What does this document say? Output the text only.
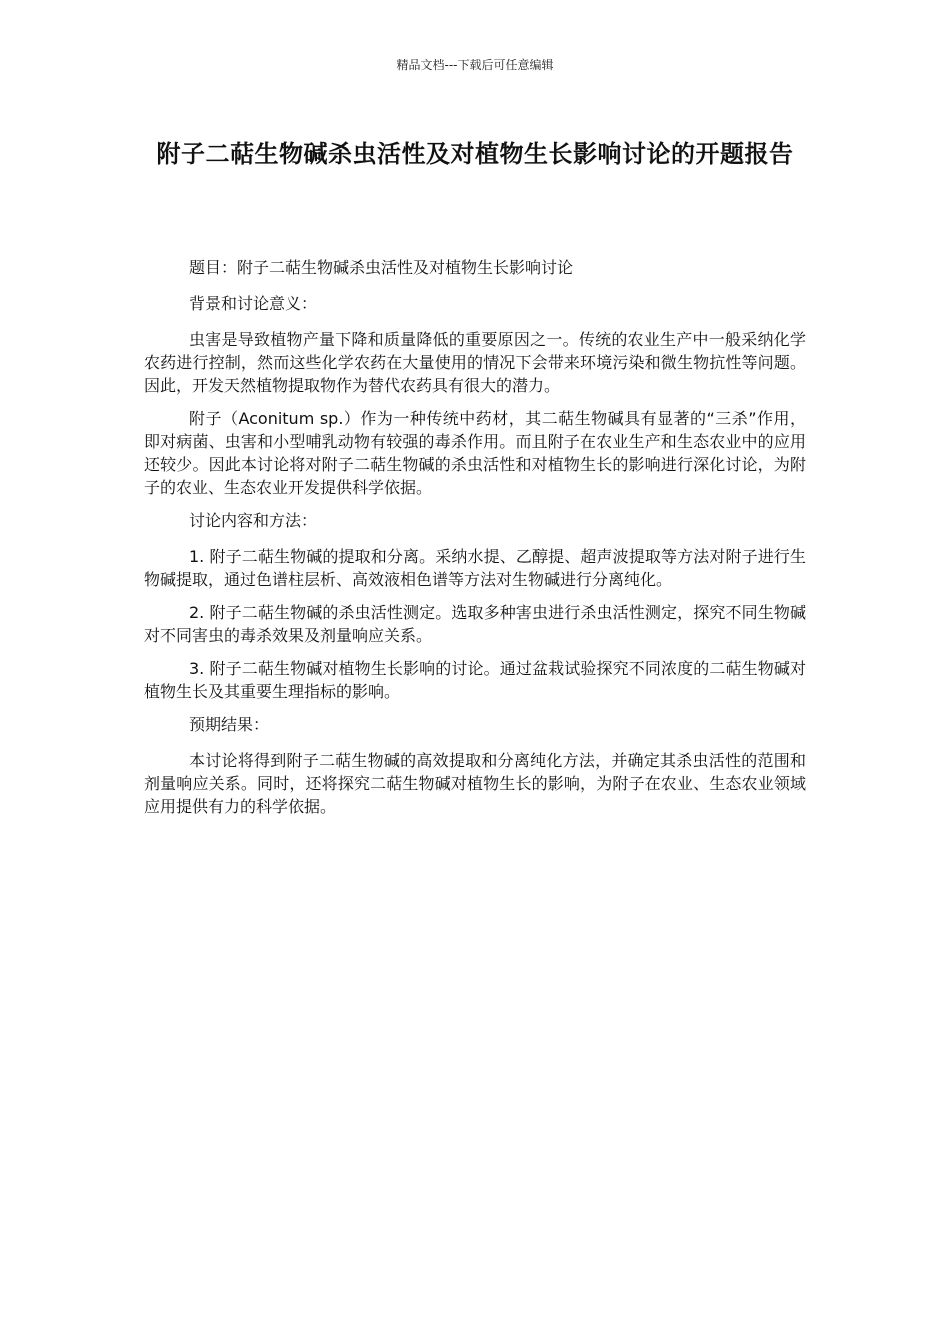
精品文档---下载后可任意编辑
附子二萜生物碱杀虫活性及对植物生长影响讨论的开题报告

题目：附子二萜生物碱杀虫活性及对植物生长影响讨论

背景和讨论意义：

虫害是导致植物产量下降和质量降低的重要原因之一。传统的农业生产中一般采纳化学农药进行控制，然而这些化学农药在大量使用的情况下会带来环境污染和微生物抗性等问题。因此，开发天然植物提取物作为替代农药具有很大的潜力。

附子（Aconitum sp.）作为一种传统中药材，其二萜生物碱具有显著的“三杀”作用，即对病菌、虫害和小型哺乳动物有较强的毒杀作用。而且附子在农业生产和生态农业中的应用还较少。因此本讨论将对附子二萜生物碱的杀虫活性和对植物生长的影响进行深化讨论，为附子的农业、生态农业开发提供科学依据。

讨论内容和方法：

1. 附子二萜生物碱的提取和分离。采纳水提、乙醇提、超声波提取等方法对附子进行生物碱提取，通过色谱柱层析、高效液相色谱等方法对生物碱进行分离纯化。

2. 附子二萜生物碱的杀虫活性测定。选取多种害虫进行杀虫活性测定，探究不同生物碱对不同害虫的毒杀效果及剂量响应关系。

3. 附子二萜生物碱对植物生长影响的讨论。通过盆栽试验探究不同浓度的二萜生物碱对植物生长及其重要生理指标的影响。

预期结果：

本讨论将得到附子二萜生物碱的高效提取和分离纯化方法，并确定其杀虫活性的范围和剂量响应关系。同时，还将探究二萜生物碱对植物生长的影响，为附子在农业、生态农业领域应用提供有力的科学依据。
